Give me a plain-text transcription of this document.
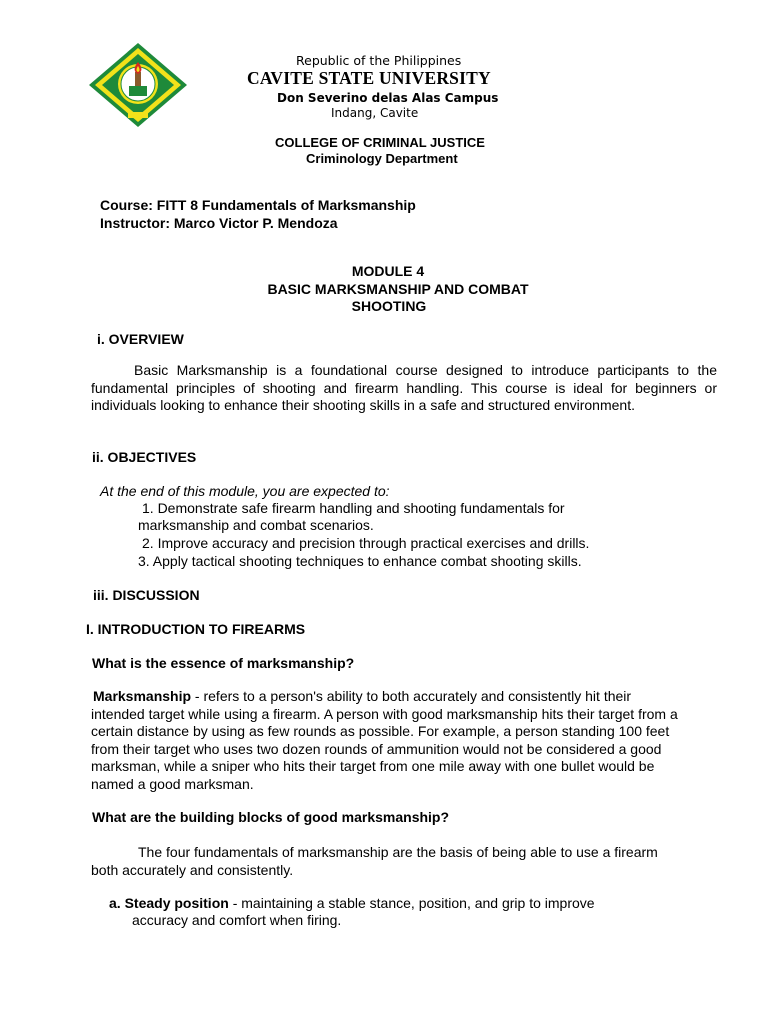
Republic of the Philippines
CAVITE STATE UNIVERSITY
Don Severino delas Alas Campus
Indang, Cavite
COLLEGE OF CRIMINAL JUSTICE
Criminology Department
Course: FITT 8 Fundamentals of Marksmanship
Instructor: Marco Victor P. Mendoza
MODULE 4
BASIC MARKSMANSHIP AND COMBAT
SHOOTING
i. OVERVIEW
Basic Marksmanship is a foundational course designed to introduce participants to the fundamental principles of shooting and firearm handling. This course is ideal for beginners or individuals looking to enhance their shooting skills in a safe and structured environment.
ii. OBJECTIVES
At the end of this module, you are expected to:
1. Demonstrate safe firearm handling and shooting fundamentals for
marksmanship and combat scenarios.
2. Improve accuracy and precision through practical exercises and drills.
3. Apply tactical shooting techniques to enhance combat shooting skills.
iii. DISCUSSION
I. INTRODUCTION TO FIREARMS
What is the essence of marksmanship?
Marksmanship - refers to a person's ability to both accurately and consistently hit their intended target while using a firearm. A person with good marksmanship hits their target from a certain distance by using as few rounds as possible. For example, a person standing 100 feet from their target who uses two dozen rounds of ammunition would not be considered a good marksman, while a sniper who hits their target from one mile away with one bullet would be named a good marksman.
What are the building blocks of good marksmanship?
The four fundamentals of marksmanship are the basis of being able to use a firearm both accurately and consistently.
a. Steady position - maintaining a stable stance, position, and grip to improve
accuracy and comfort when firing.
